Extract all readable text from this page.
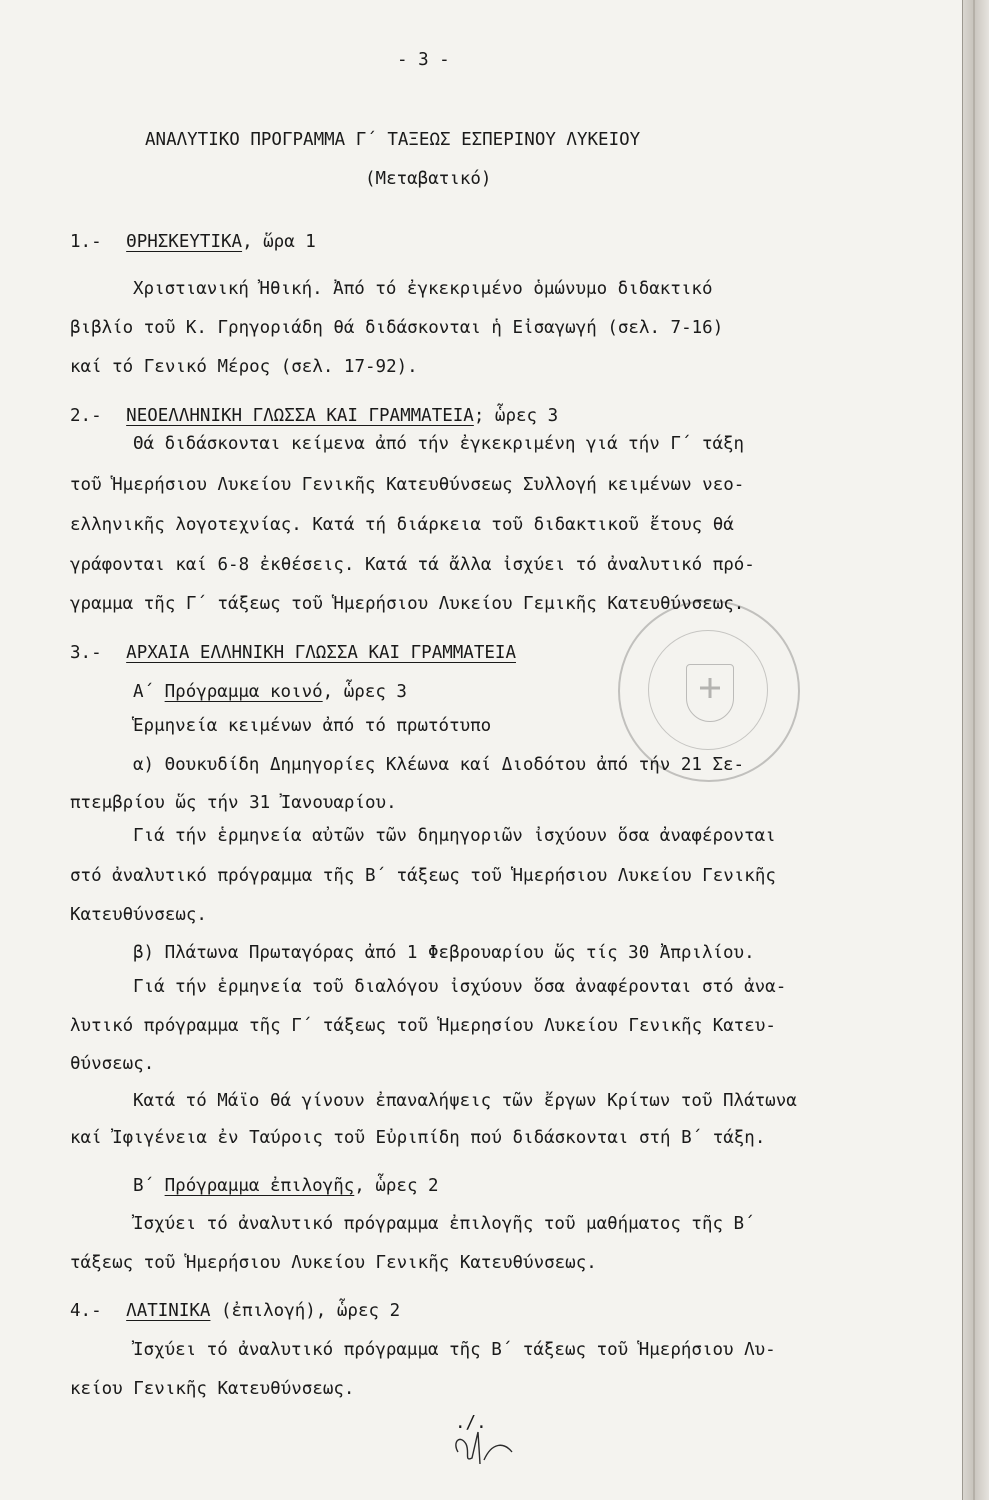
- 3 -
ΑΝΑΛΥΤΙΚΟ ΠΡΟΓΡΑΜΜΑ Γ΄ ΤΑΞΕΩΣ ΕΣΠΕΡΙΝΟΥ ΛΥΚΕΙΟΥ
(Μεταβατικό)
1.- ΘΡΗΣΚΕΥΤΙΚΑ, ὥρα 1
Χριστιανική Ἠθική. Ἀπό τό ἐγκεκριμένο ὁμώνυμο διδακτικό
βιβλίο τοῦ Κ. Γρηγοριάδη θά διδάσκονται ἡ Εἰσαγωγή (σελ. 7-16)
καί τό Γενικό Μέρος (σελ. 17-92).
2.- ΝΕΟΕΛΛΗΝΙΚΗ ΓΛΩΣΣΑ ΚΑΙ ΓΡΑΜΜΑΤΕΙΑ; ὧρες 3
Θά διδάσκονται κείμενα ἀπό τήν ἐγκεκριμένη γιά τήν Γ΄ τάξη
τοῦ Ἡμερήσιου Λυκείου Γενικῆς Κατευθύνσεως Συλλογή κειμένων νεο-
ελληνικῆς λογοτεχνίας. Κατά τή διάρκεια τοῦ διδακτικοῦ ἔτους θά
γράφονται καί 6-8 ἐκθέσεις. Κατά τά ἄλλα ἰσχύει τό ἀναλυτικό πρό-
γραμμα τῆς Γ΄ τάξεως τοῦ Ἡμερήσιου Λυκείου Γεμικῆς Κατευθύνσεως.
3.- ΑΡΧΑΙΑ ΕΛΛΗΝΙΚΗ ΓΛΩΣΣΑ ΚΑΙ ΓΡΑΜΜΑΤΕΙΑ
Α΄ Πρόγραμμα κοινό, ὧρες 3
Ἑρμηνεία κειμένων ἀπό τό πρωτότυπο
α) Θουκυδίδη Δημηγορίες Κλέωνα καί Διοδότου ἀπό τήν 21 Σε-
πτεμβρίου ὥς τήν 31 Ἰανουαρίου.
Γιά τήν ἑρμηνεία αὐτῶν τῶν δημηγοριῶν ἰσχύουν ὅσα ἀναφέρονται
στό ἀναλυτικό πρόγραμμα τῆς Β΄ τάξεως τοῦ Ἡμερήσιου Λυκείου Γενικῆς
Κατευθύνσεως.
β) Πλάτωνα Πρωταγόρας ἀπό 1 Φεβρουαρίου ὥς τίς 30 Ἀπριλίου.
Γιά τήν ἑρμηνεία τοῦ διαλόγου ἰσχύουν ὅσα ἀναφέρονται στό ἀνα-
λυτικό πρόγραμμα τῆς Γ΄ τάξεως τοῦ Ἡμερησίου Λυκείου Γενικῆς Κατευ-
θύνσεως.
Κατά τό Μάϊο θά γίνουν ἐπαναλήψεις τῶν ἔργων Κρίτων τοῦ Πλάτωνα
καί Ἰφιγένεια ἐν Ταύροις τοῦ Εὐριπίδη πού διδάσκονται στή Β΄ τάξη.
Β΄ Πρόγραμμα ἐπιλογῆς, ὧρες 2
Ἰσχύει τό ἀναλυτικό πρόγραμμα ἐπιλογῆς τοῦ μαθήματος τῆς Β΄
τάξεως τοῦ Ἡμερήσιου Λυκείου Γενικῆς Κατευθύνσεως.
4.- ΛΑΤΙΝΙΚΑ (ἐπιλογή), ὧρες 2
Ἰσχύει τό ἀναλυτικό πρόγραμμα τῆς Β΄ τάξεως τοῦ Ἡμερήσιου Λυ-
κείου Γενικῆς Κατευθύνσεως.
./.
